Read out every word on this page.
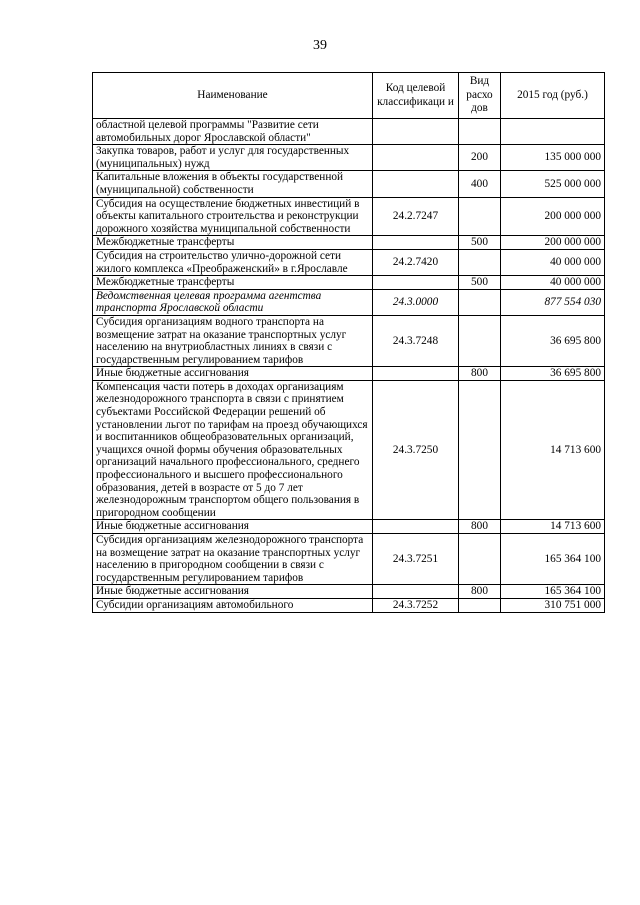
39
Наименование	Код целевой классификаци и	Вид расхо дов	2015 год (руб.)
областной целевой программы "Развитие сети автомобильных дорог Ярославской области"			
Закупка товаров, работ и услуг для государственных (муниципальных) нужд		200	135 000 000
Капитальные вложения в объекты государственной (муниципальной) собственности		400	525 000 000
Субсидия на осуществление бюджетных инвестиций в объекты капитального строительства и реконструкции дорожного хозяйства муниципальной собственности	24.2.7247		200 000 000
Межбюджетные трансферты		500	200 000 000
Субсидия на строительство улично-дорожной сети жилого комплекса «Преображенский» в г.Ярославле	24.2.7420		40 000 000
Межбюджетные трансферты		500	40 000 000
Ведомственная целевая программа агентства транспорта Ярославской области	24.3.0000		877 554 030
Субсидия организациям водного транспорта на возмещение затрат на оказание транспортных услуг населению на внутриобластных линиях в связи с государственным регулированием тарифов	24.3.7248		36 695 800
Иные бюджетные ассигнования		800	36 695 800
Компенсация части потерь в доходах организациям железнодорожного транспорта в связи с принятием субъектами Российской Федерации решений об установлении льгот по тарифам на проезд обучающихся и воспитанников общеобразовательных организаций, учащихся очной формы обучения образовательных организаций начального профессионального, среднего профессионального и высшего профессионального образования, детей в возрасте от 5 до 7 лет железнодорожным транспортом общего пользования в пригородном сообщении	24.3.7250		14 713 600
Иные бюджетные ассигнования		800	14 713 600
Субсидия организациям железнодорожного транспорта на возмещение затрат на оказание транспортных услуг населению в пригородном сообщении в связи с государственным регулированием тарифов	24.3.7251		165 364 100
Иные бюджетные ассигнования		800	165 364 100
Субсидии организациям автомобильного	24.3.7252		310 751 000
